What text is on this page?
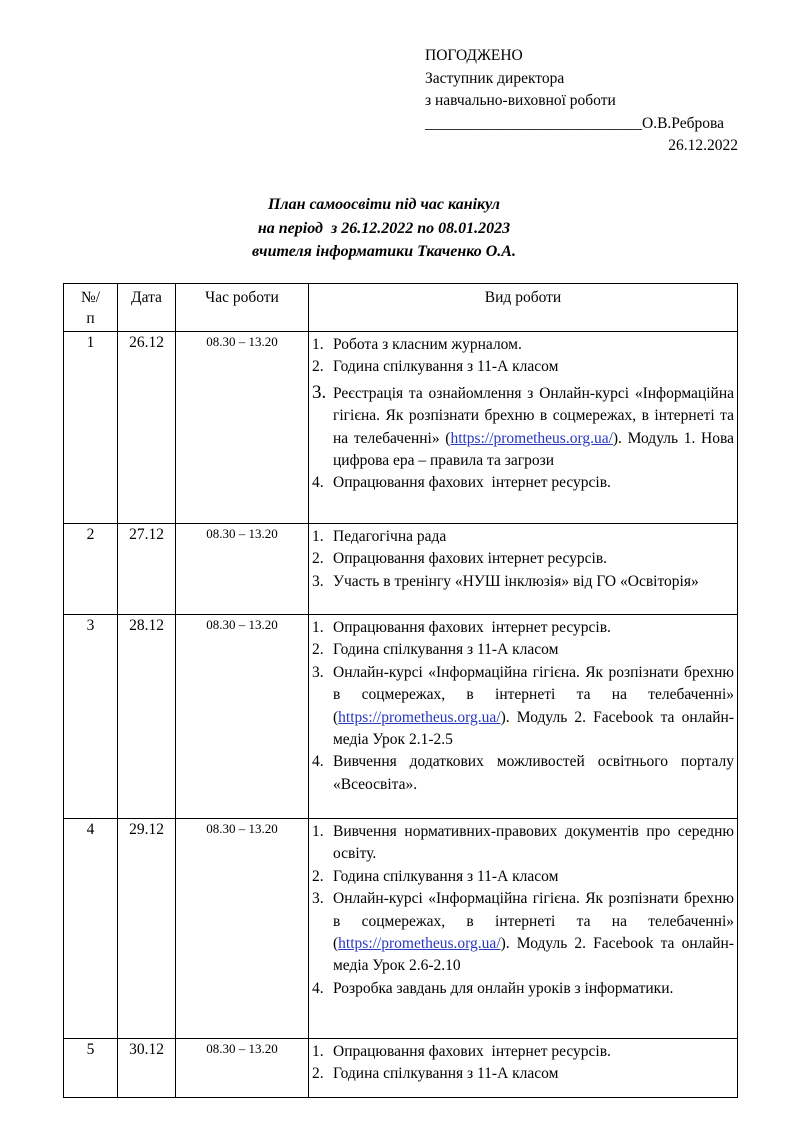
ПОГОДЖЕНО
Заступник директора
з навчально-виховної роботи
____________________________О.В.Реброва
26.12.2022
План самоосвіти під час канікул
на період  з 26.12.2022 по 08.01.2023
вчителя інформатики Ткаченко О.А.
№/
п	Дата	Час роботи	Вид роботи
1	26.12	08.30 – 13.20	1. Робота з класним журналом.

2. Година спілкування з 11-А класом

3. Реєстрація та ознайомлення з Онлайн-курсі «Інформаційна гігієна. Як розпізнати брехню в соцмережах, в інтернеті та на телебаченні» (https://prometheus.org.ua/). Модуль 1. Нова цифрова ера – правила та загрози

4. Опрацювання фахових  інтернет ресурсів.

2	27.12	08.30 – 13.20	1. Педагогічна рада

2. Опрацювання фахових інтернет ресурсів.

3. Участь в тренінгу «НУШ інклюзія» від ГО «Освіторія»

3	28.12	08.30 – 13.20	1. Опрацювання фахових  інтернет ресурсів.

2. Година спілкування з 11-А класом

3. Онлайн-курсі «Інформаційна гігієна. Як розпізнати брехню в соцмережах, в інтернеті та на телебаченні» (https://prometheus.org.ua/). Модуль 2. Facebook та онлайн-медіа Урок 2.1-2.5

4. Вивчення додаткових можливостей освітнього порталу «Всеосвіта».

4	29.12	08.30 – 13.20	1. Вивчення нормативних-правових документів про середню освіту.

2. Година спілкування з 11-А класом

3. Онлайн-курсі «Інформаційна гігієна. Як розпізнати брехню в соцмережах, в інтернеті та на телебаченні» (https://prometheus.org.ua/). Модуль 2. Facebook та онлайн-медіа Урок 2.6-2.10

4. Розробка завдань для онлайн уроків з інформатики.

5	30.12	08.30 – 13.20	1. Опрацювання фахових  інтернет ресурсів.

2. Година спілкування з 11-А класом
